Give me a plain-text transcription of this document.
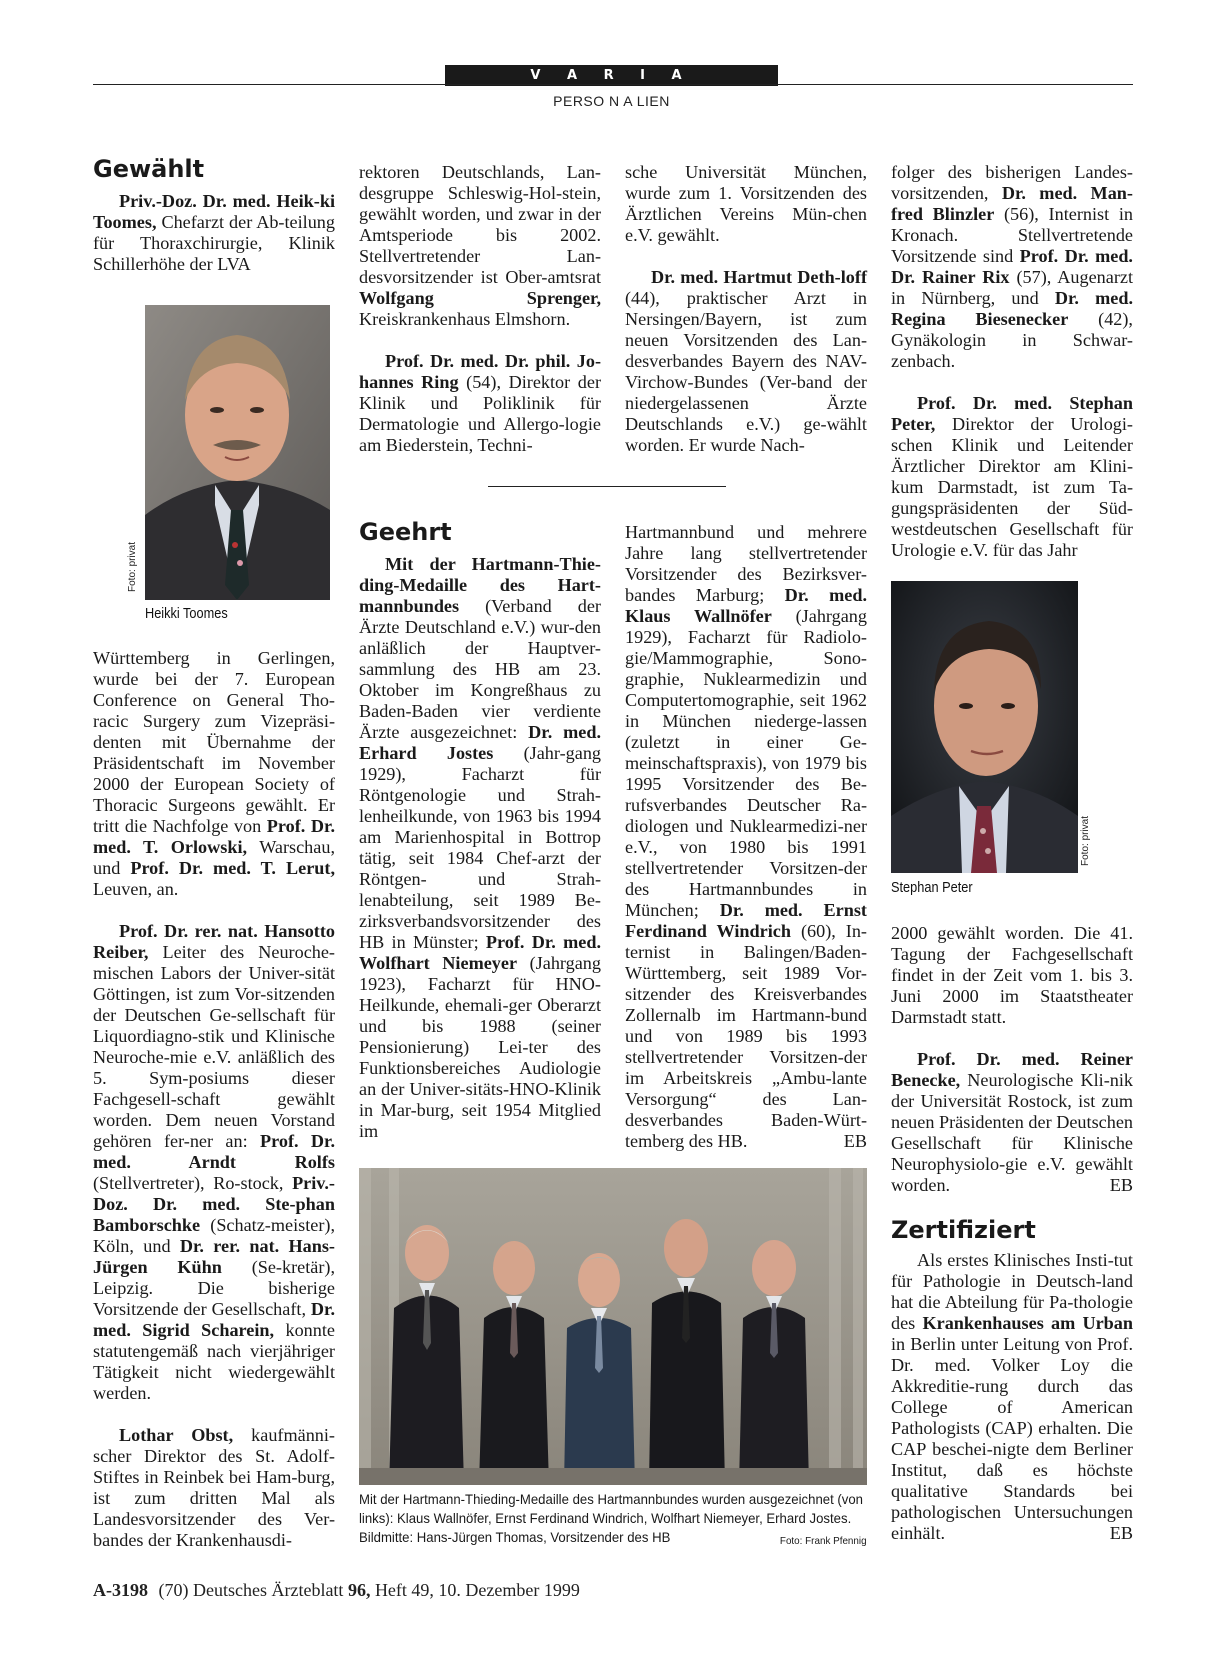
V A R I A
PERSO N A LIEN
Gewählt

Priv.-Doz. Dr. med. Heik-ki Toomes, Chefarzt der Ab-teilung für Thoraxchirurgie, Klinik Schillerhöhe der LVA

Foto: privat
Heikki Toomes

Württemberg in Gerlingen, wurde bei der 7. European Conference on General Tho-racic Surgery zum Vizepräsi-denten mit Übernahme der Präsidentschaft im November 2000 der European Society of Thoracic Surgeons gewählt. Er tritt die Nachfolge von Prof. Dr. med. T. Orlowski, Warschau, und Prof. Dr. med. T. Lerut, Leuven, an.

Prof. Dr. rer. nat. Hansotto Reiber, Leiter des Neuroche-mischen Labors der Univer-sität Göttingen, ist zum Vor-sitzenden der Deutschen Ge-sellschaft für Liquordiagno-stik und Klinische Neuroche-mie e.V. anläßlich des 5. Sym-posiums dieser Fachgesell-schaft gewählt worden. Dem neuen Vorstand gehören fer-ner an: Prof. Dr. med. Arndt Rolfs (Stellvertreter), Ro-stock, Priv.-Doz. Dr. med. Ste-phan Bamborschke (Schatz-meister), Köln, und Dr. rer. nat. Hans-Jürgen Kühn (Se-kretär), Leipzig. Die bisherige Vorsitzende der Gesellschaft, Dr. med. Sigrid Scharein, konnte statutengemäß nach vierjähriger Tätigkeit nicht wiedergewählt werden.

Lothar Obst, kaufmänni-scher Direktor des St. Adolf-Stiftes in Reinbek bei Ham-burg, ist zum dritten Mal als Landesvorsitzender des Ver-bandes der Krankenhausdi-

rektoren Deutschlands, Lan-desgruppe Schleswig-Hol-stein, gewählt worden, und zwar in der Amtsperiode bis 2002. Stellvertretender Lan-desvorsitzender ist Ober-amtsrat Wolfgang Sprenger, Kreiskrankenhaus Elmshorn.

Prof. Dr. med. Dr. phil. Jo-hannes Ring (54), Direktor der Klinik und Poliklinik für Dermatologie und Allergo-logie am Biederstein, Techni-

sche Universität München, wurde zum 1. Vorsitzenden des Ärztlichen Vereins Mün-chen e.V. gewählt.

Dr. med. Hartmut Deth-loff (44), praktischer Arzt in Nersingen/Bayern, ist zum neuen Vorsitzenden des Lan-desverbandes Bayern des NAV-Virchow-Bundes (Ver-band der niedergelassenen Ärzte Deutschlands e.V.) ge-wählt worden. Er wurde Nach-

Geehrt

Mit der Hartmann-Thie-ding-Medaille des Hart-mannbundes (Verband der Ärzte Deutschland e.V.) wur-den anläßlich der Hauptver-sammlung des HB am 23. Oktober im Kongreßhaus zu Baden-Baden vier verdiente Ärzte ausgezeichnet: Dr. med. Erhard Jostes (Jahr-gang 1929), Facharzt für Röntgenologie und Strah-lenheilkunde, von 1963 bis 1994 am Marienhospital in Bottrop tätig, seit 1984 Chef-arzt der Röntgen- und Strah-lenabteilung, seit 1989 Be-zirksverbandsvorsitzender des HB in Münster; Prof. Dr. med. Wolfhart Niemeyer (Jahrgang 1923), Facharzt für HNO-Heilkunde, ehemali-ger Oberarzt und bis 1988 (seiner Pensionierung) Lei-ter des Funktionsbereiches Audiologie an der Univer-sitäts-HNO-Klinik in Mar-burg, seit 1954 Mitglied im

Hartmannbund und mehrere Jahre lang stellvertretender Vorsitzender des Bezirksver-bandes Marburg; Dr. med. Klaus Wallnöfer (Jahrgang 1929), Facharzt für Radiolo-gie/Mammographie, Sono-graphie, Nuklearmedizin und Computertomographie, seit 1962 in München niederge-lassen (zuletzt in einer Ge-meinschaftspraxis), von 1979 bis 1995 Vorsitzender des Be-rufsverbandes Deutscher Ra-diologen und Nuklearmedizi-ner e.V., von 1980 bis 1991 stellvertretender Vorsitzen-der des Hartmannbundes in München; Dr. med. Ernst Ferdinand Windrich (60), In-ternist in Balingen/Baden-Württemberg, seit 1989 Vor-sitzender des Kreisverbandes Zollernalb im Hartmann-bund und von 1989 bis 1993 stellvertretender Vorsitzen-der im Arbeitskreis „Ambu-lante Versorgung“ des Lan-desverbandes Baden-Würt-temberg des HB.	EB

Mit der Hartmann-Thieding-Medaille des Hartmannbundes wurden ausgezeichnet (von links): Klaus Wallnöfer, Ernst Ferdinand Windrich, Wolfhart Niemeyer, Erhard Jostes. Bildmitte: Hans-Jürgen Thomas, Vorsitzender des HB	Foto: Frank Pfennig

folger des bisherigen Landes-vorsitzenden, Dr. med. Man-fred Blinzler (56), Internist in Kronach. Stellvertretende Vorsitzende sind Prof. Dr. med. Dr. Rainer Rix (57), Augenarzt in Nürnberg, und Dr. med. Regina Biesenecker (42), Gynäkologin in Schwar-zenbach.

Prof. Dr. med. Stephan Peter, Direktor der Urologi-schen Klinik und Leitender Ärztlicher Direktor am Klini-kum Darmstadt, ist zum Ta-gungspräsidenten der Süd-westdeutschen Gesellschaft für Urologie e.V. für das Jahr

Foto: privat
Stephan Peter

2000 gewählt worden. Die 41. Tagung der Fachgesellschaft findet in der Zeit vom 1. bis 3. Juni 2000 im Staatstheater Darmstadt statt.

Prof. Dr. med. Reiner Benecke, Neurologische Kli-nik der Universität Rostock, ist zum neuen Präsidenten der Deutschen Gesellschaft für Klinische Neurophysiolo-gie e.V. gewählt worden.	EB

Zertifiziert

Als erstes Klinisches Insti-tut für Pathologie in Deutsch-land hat die Abteilung für Pa-thologie des Krankenhauses am Urban in Berlin unter Leitung von Prof. Dr. med. Volker Loy die Akkreditie-rung durch das College of American Pathologists (CAP) erhalten. Die CAP beschei-nigte dem Berliner Institut, daß es höchste qualitative Standards bei pathologischen Untersuchungen einhält.	EB

A-3198 (70) Deutsches Ärzteblatt 96, Heft 49, 10. Dezember 1999
